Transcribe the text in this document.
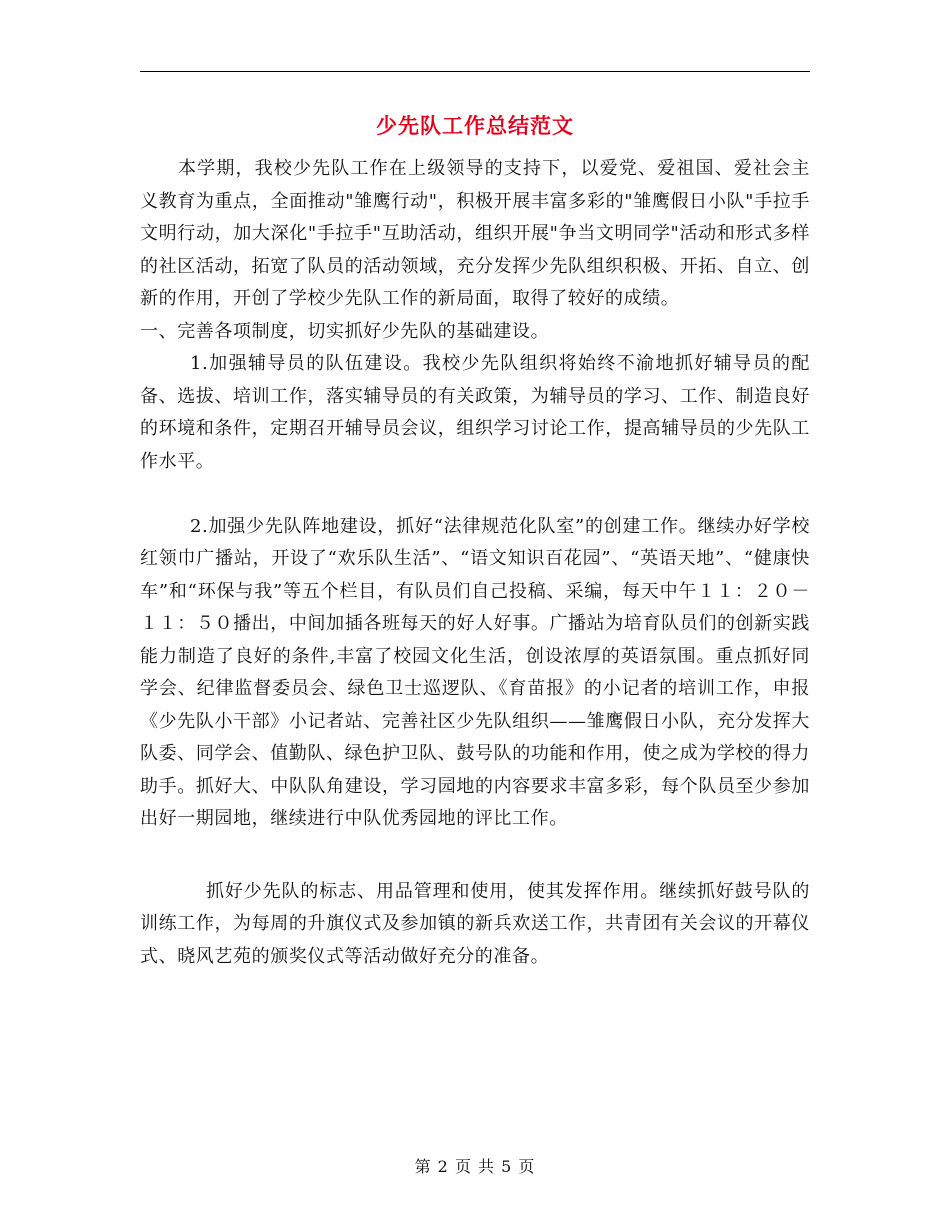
少先队工作总结范文

本学期，我校少先队工作在上级领导的支持下，以爱党、爱祖国、爱社会主义教育为重点，全面推动"雏鹰行动"，积极开展丰富多彩的"雏鹰假日小队"手拉手文明行动，加大深化"手拉手"互助活动，组织开展"争当文明同学"活动和形式多样的社区活动，拓宽了队员的活动领域，充分发挥少先队组织积极、开拓、自立、创新的作用，开创了学校少先队工作的新局面，取得了较好的成绩。

一、完善各项制度，切实抓好少先队的基础建设。

1.加强辅导员的队伍建设。我校少先队组织将始终不渝地抓好辅导员的配备、选拔、培训工作，落实辅导员的有关政策，为辅导员的学习、工作、制造良好的环境和条件，定期召开辅导员会议，组织学习讨论工作，提高辅导员的少先队工作水平。

2.加强少先队阵地建设，抓好“法律规范化队室”的创建工作。继续办好学校红领巾广播站，开设了“欢乐队生活”、“语文知识百花园”、“英语天地”、“健康快车”和“环保与我”等五个栏目，有队员们自己投稿、采编，每天中午１１：２０－１１：５０播出，中间加插各班每天的好人好事。广播站为培育队员们的创新实践能力制造了良好的条件,丰富了校园文化生活，创设浓厚的英语氛围。重点抓好同学会、纪律监督委员会、绿色卫士巡逻队、《育苗报》的小记者的培训工作，申报《少先队小干部》小记者站、完善社区少先队组织——雏鹰假日小队，充分发挥大队委、同学会、值勤队、绿色护卫队、鼓号队的功能和作用，使之成为学校的得力助手。抓好大、中队队角建设，学习园地的内容要求丰富多彩，每个队员至少参加出好一期园地，继续进行中队优秀园地的评比工作。

抓好少先队的标志、用品管理和使用，使其发挥作用。继续抓好鼓号队的训练工作，为每周的升旗仪式及参加镇的新兵欢送工作，共青团有关会议的开幕仪式、晓风艺苑的颁奖仪式等活动做好充分的准备。

第 2 页 共 5 页
